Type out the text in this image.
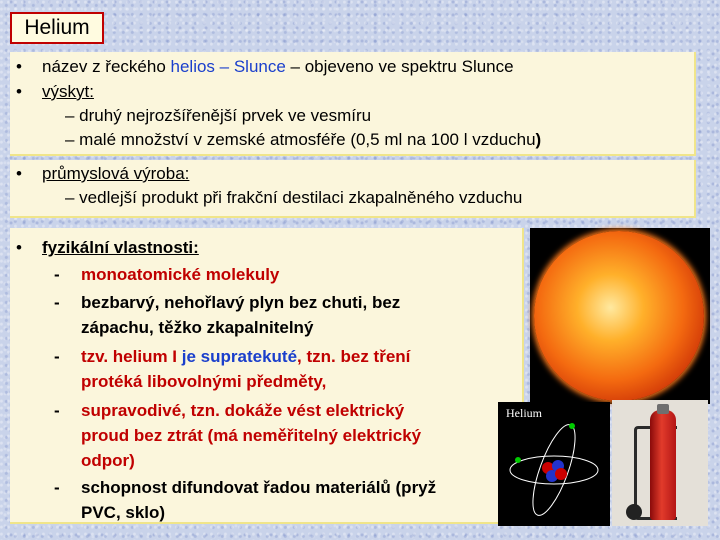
Helium
• název z řeckého helios – Slunce – objeveno ve spektru Slunce
• výskyt:
– druhý nejrozšířenější prvek ve vesmíru
– malé množství v zemské atmosféře (0,5 ml na 100 l vzduchu)
• průmyslová výroba:
– vedlejší produkt při frakční destilaci zkapalněného vzduchu
• fyzikální vlastnosti:
- monoatomické molekuly
- bezbarvý, nehořlavý plyn bez chuti, bez
zápachu, těžko zkapalnitelný
- tzv. helium I je supratekuté, tzn. bez tření
protéká libovolnými předměty,
- supravodivé, tzn. dokáže vést elektrický
proud bez ztrát (má neměřitelný elektrický
odpor)
- schopnost difundovat řadou materiálů (pryž
PVC, sklo)
Helium
